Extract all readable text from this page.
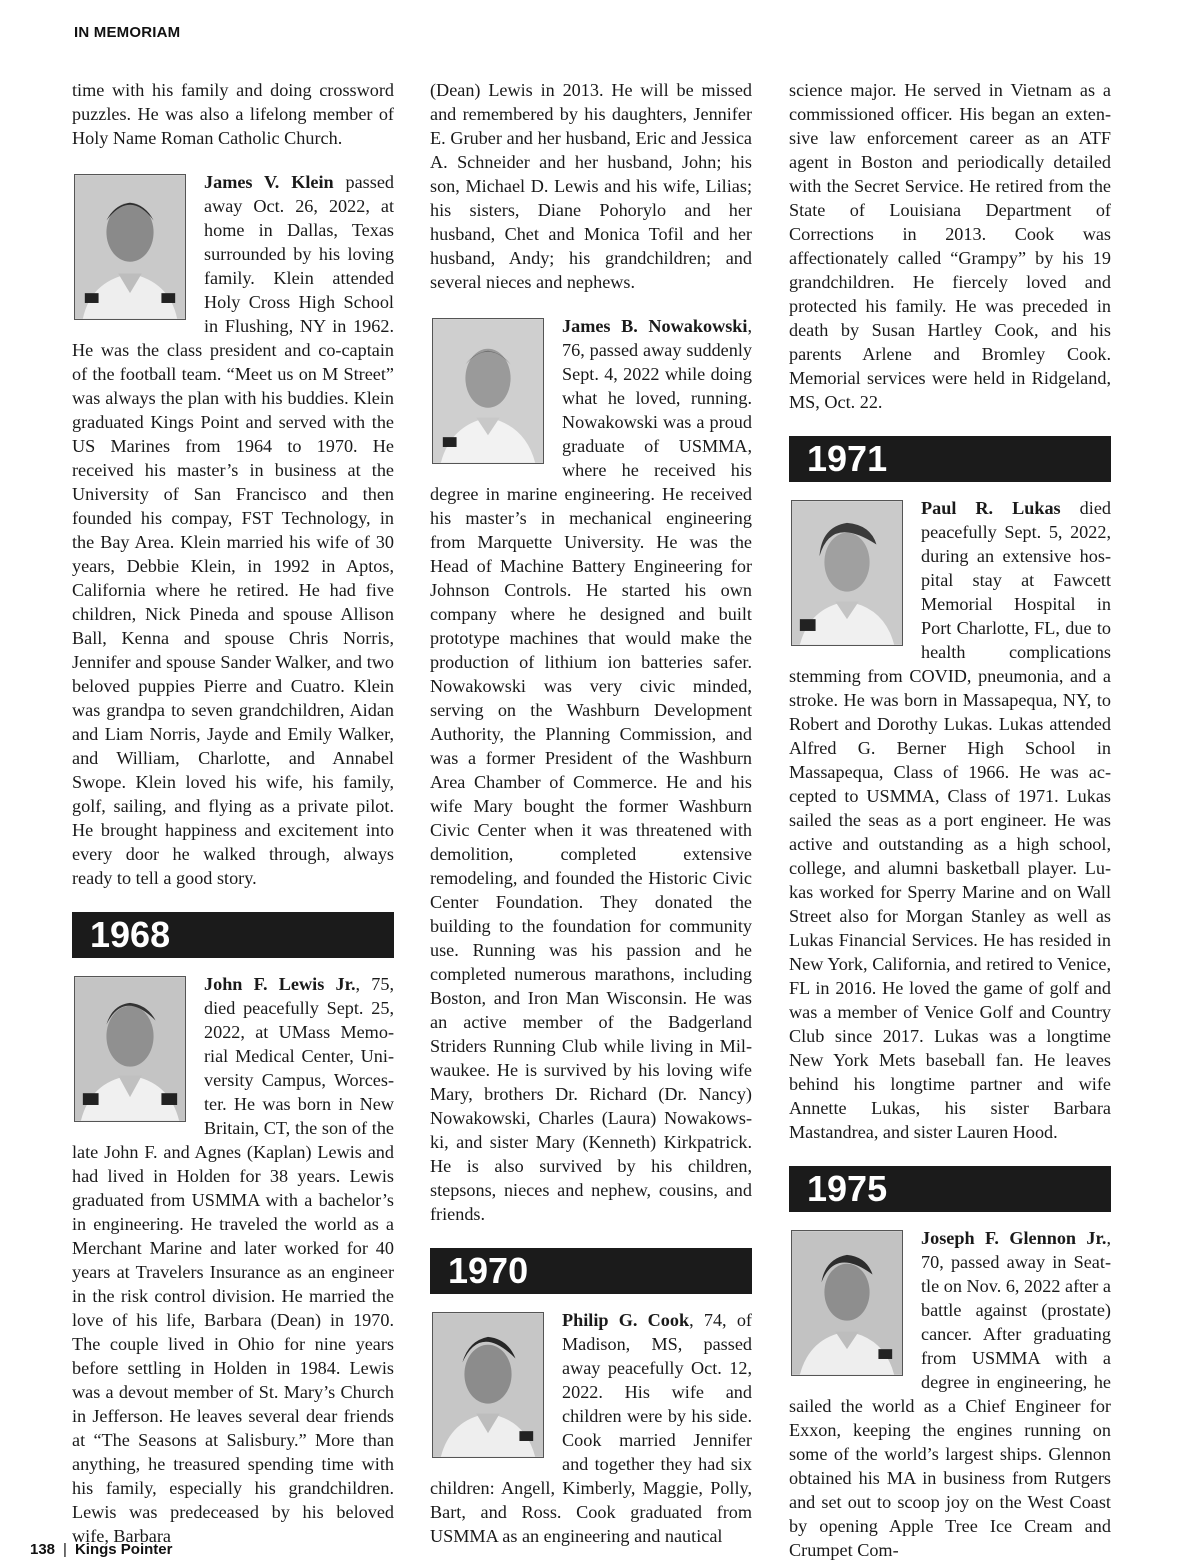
IN MEMORIAM

time with his family and doing crossword puzzles. He was also a lifelong member of Holy Name Roman Catholic Church.

James V. Klein passed away Oct. 26, 2022, at home in Dallas, Texas surrounded by his loving family. Klein attended Holy Cross High School in Flushing, NY in 1962. He was the class president and co-captain of the football team. “Meet us on M Street” was always the plan with his buddies. Klein graduated Kings Point and served with the US Marines from 1964 to 1970. He received his master’s in business at the University of San Francisco and then founded his compay, FST Technology, in the Bay Area. Klein married his wife of 30 years, Debbie Klein, in 1992 in Aptos, California where he retired. He had five children, Nick Pineda and spouse Allison Ball, Kenna and spouse Chris Norris, Jennifer and spouse Sander Walker, and two beloved puppies Pierre and Cuatro. Klein was grandpa to seven grandchildren, Aidan and Liam Norris, Jayde and Emily Walker, and William, Charlotte, and Annabel Swope. Klein loved his wife, his family, golf, sailing, and flying as a private pilot. He brought happiness and excitement into every door he walked through, always ready to tell a good story.

1968

John F. Lewis Jr., 75, died peacefully Sept. 25, 2022, at UMass Memorial Medical Center, University Campus, Worcester. He was born in New Britain, CT, the son of the late John F. and Agnes (Kaplan) Lewis and had lived in Holden for 38 years. Lewis graduated from USMMA with a bachelor’s in engineering. He traveled the world as a Merchant Marine and later worked for 40 years at Travelers Insurance as an engineer in the risk control division. He married the love of his life, Barbara (Dean) in 1970. The couple lived in Ohio for nine years before settling in Holden in 1984. Lewis was a devout member of St. Mary’s Church in Jefferson. He leaves several dear friends at “The Seasons at Salisbury.” More than anything, he treasured spending time with his family, especially his grandchildren. Lewis was predeceased by his beloved wife, Barbara

(Dean) Lewis in 2013. He will be missed and remembered by his daughters, Jennifer E. Gruber and her husband, Eric and Jessica A. Schneider and her husband, John; his son, Michael D. Lewis and his wife, Lilias; his sisters, Diane Pohorylo and her husband, Chet and Monica Tofil and her husband, Andy; his grandchildren; and several nieces and nephews.

James B. Nowakowski, 76, passed away suddenly Sept. 4, 2022 while doing what he loved, running. Nowakowski was a proud graduate of USMMA, where he received his degree in marine engineering. He received his master’s in mechanical engineering from Marquette University. He was the Head of Machine Battery Engineering for Johnson Controls. He started his own company where he designed and built prototype machines that would make the production of lithium ion batteries safer. Nowakowski was very civic minded, serving on the Washburn Development Authority, the Planning Commission, and was a former President of the Washburn Area Chamber of Commerce. He and his wife Mary bought the former Washburn Civic Center when it was threatened with demolition, completed extensive remodeling, and founded the Historic Civic Center Foundation. They donated the building to the foundation for community use. Running was his passion and he completed numerous marathons, including Boston, and Iron Man Wisconsin. He was an active member of the Badgerland Striders Running Club while living in Milwaukee. He is survived by his loving wife Mary, brothers Dr. Richard (Dr. Nancy) Nowakowski, Charles (Laura) Nowakowski, and sister Mary (Kenneth) Kirkpatrick. He is also survived by his children, stepsons, nieces and nephew, cousins, and friends.

1970

Philip G. Cook, 74, of Madison, MS, passed away peacefully Oct. 12, 2022. His wife and children were by his side. Cook married Jennifer and together they had six children: Angell, Kimberly, Maggie, Polly, Bart, and Ross. Cook graduated from USMMA as an engineering and nautical

science major. He served in Vietnam as a commissioned officer. His began an extensive law enforcement career as an ATF agent in Boston and periodically detailed with the Secret Service. He retired from the State of Louisiana Department of Corrections in 2013. Cook was affectionately called “Grampy” by his 19 grandchildren. He fiercely loved and protected his family. He was preceded in death by Susan Hartley Cook, and his parents Arlene and Bromley Cook. Memorial services were held in Ridgeland, MS, Oct. 22.

1971

Paul R. Lukas died peacefully Sept. 5, 2022, during an extensive hospital stay at Fawcett Memorial Hospital in Port Charlotte, FL, due to health complications stemming from COVID, pneumonia, and a stroke. He was born in Massapequa, NY, to Robert and Dorothy Lukas. Lukas attended Alfred G. Berner High School in Massapequa, Class of 1966. He was accepted to USMMA, Class of 1971. Lukas sailed the seas as a port engineer. He was active and outstanding as a high school, college, and alumni basketball player. Lukas worked for Sperry Marine and on Wall Street also for Morgan Stanley as well as Lukas Financial Services. He has resided in New York, California, and retired to Venice, FL in 2016. He loved the game of golf and was a member of Venice Golf and Country Club since 2017. Lukas was a longtime New York Mets baseball fan. He leaves behind his longtime partner and wife Annette Lukas, his sister Barbara Mastandrea, and sister Lauren Hood.

1975

Joseph F. Glennon Jr., 70, passed away in Seattle on Nov. 6, 2022 after a battle against (prostate) cancer. After graduating from USMMA with a degree in engineering, he sailed the world as a Chief Engineer for Exxon, keeping the engines running on some of the world’s largest ships. Glennon obtained his MA in business from Rutgers and set out to scoop joy on the West Coast by opening Apple Tree Ice Cream and Crumpet Com-

138 | Kings Pointer
